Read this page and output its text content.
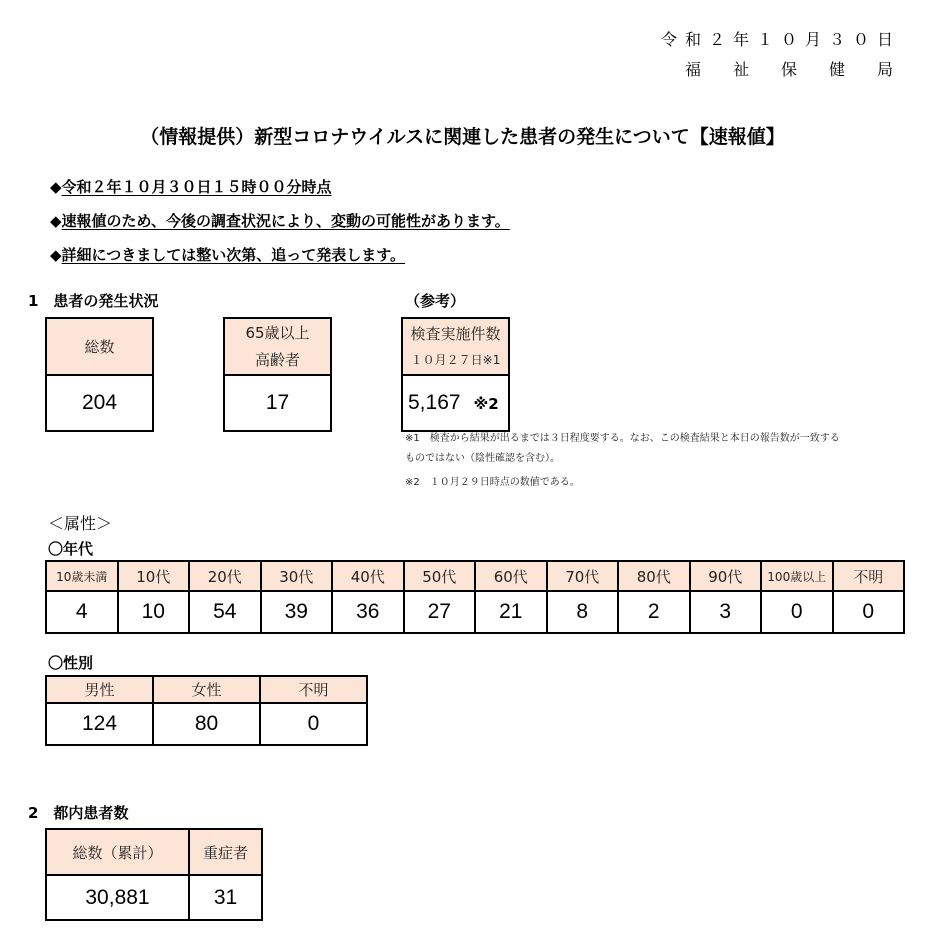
令和２年１０月３０日
福　祉　保　健　局
（情報提供）新型コロナウイルスに関連した患者の発生について【速報値】
◆令和２年１０月３０日１５時００分時点
◆速報値のため、今後の調査状況により、変動の可能性があります。
◆詳細につきましては整い次第、追って発表します。
1　患者の発生状況	（参考）
総数
204
65歳以上
高齢者

17
検査実施件数
１０月２７日※1

5,167 ※2
※1　検査から結果が出るまでは３日程度要する。なお、この検査結果と本日の報告数が一致する
ものではない（陰性確認を含む）。
※2　１０月２９日時点の数値である。
＜属性＞
〇年代
10歳未満	10代	20代	30代	40代	50代	60代	70代	80代	90代	100歳以上	不明
4	10	54	39	36	27	21	8	2	3	0	0
〇性別
男性	女性	不明
124	80	0
2　都内患者数
総数（累計）	重症者
30,881	31
